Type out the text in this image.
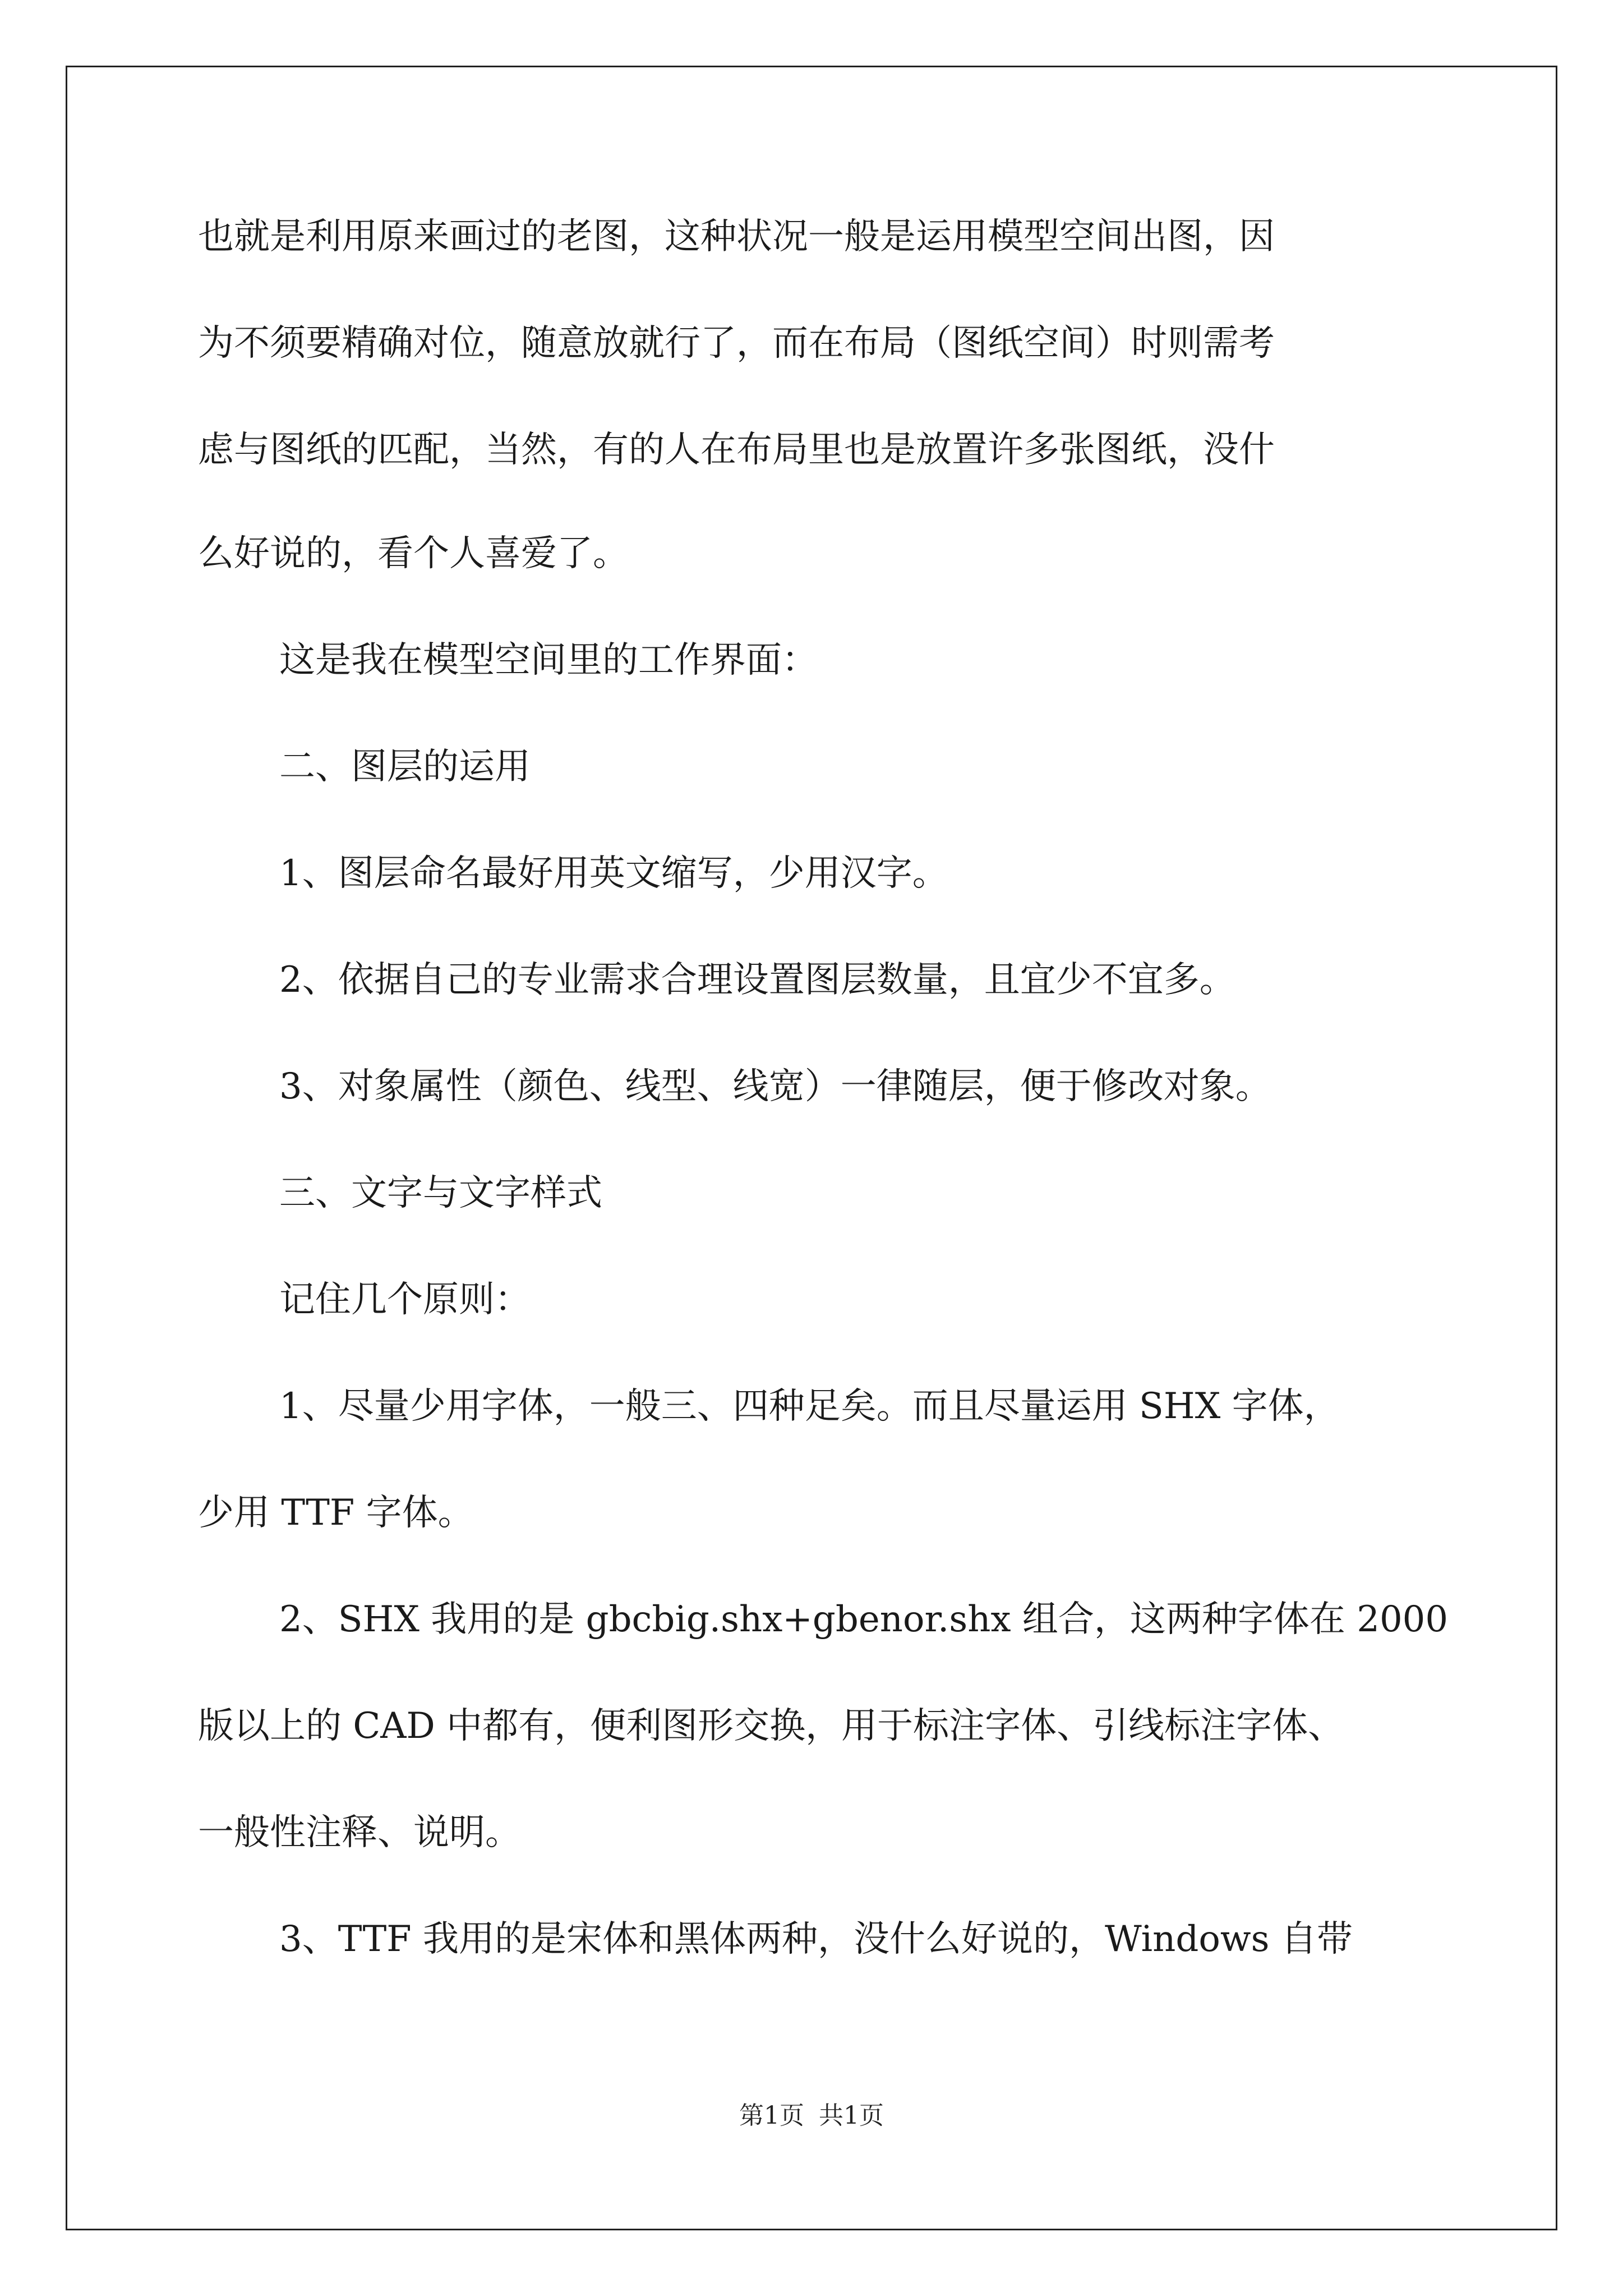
也就是利用原来画过的老图，这种状况一般是运用模型空间出图，因
为不须要精确对位，随意放就行了，而在布局（图纸空间）时则需考
虑与图纸的匹配，当然，有的人在布局里也是放置许多张图纸，没什
么好说的，看个人喜爱了。
这是我在模型空间里的工作界面：
二、图层的运用
1、图层命名最好用英文缩写，少用汉字。
2、依据自己的专业需求合理设置图层数量，且宜少不宜多。
3、对象属性（颜色、线型、线宽）一律随层，便于修改对象。
三、文字与文字样式
记住几个原则：
1、尽量少用字体，一般三、四种足矣。而且尽量运用 SHX 字体，
少用 TTF 字体。
2、SHX 我用的是 gbcbig.shx+gbenor.shx 组合，这两种字体在 2000
版以上的 CAD 中都有，便利图形交换，用于标注字体、引线标注字体、
一般性注释、说明。
3、TTF 我用的是宋体和黑体两种，没什么好说的，Windows 自带
第1页 共1页
